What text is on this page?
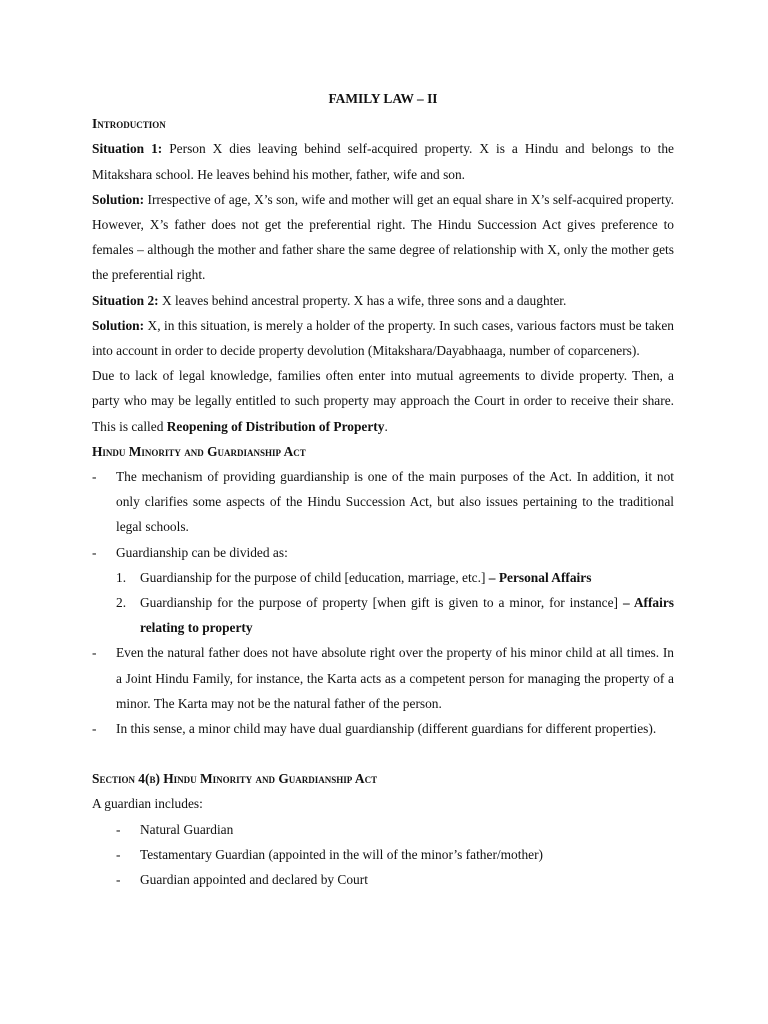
FAMILY LAW – II

Introduction

Situation 1: Person X dies leaving behind self-acquired property. X is a Hindu and belongs to the Mitakshara school. He leaves behind his mother, father, wife and son.

Solution: Irrespective of age, X’s son, wife and mother will get an equal share in X’s self-acquired property. However, X’s father does not get the preferential right. The Hindu Succession Act gives preference to females – although the mother and father share the same degree of relationship with X, only the mother gets the preferential right.

Situation 2: X leaves behind ancestral property. X has a wife, three sons and a daughter.

Solution: X, in this situation, is merely a holder of the property. In such cases, various factors must be taken into account in order to decide property devolution (Mitakshara/Dayabhaaga, number of coparceners).

Due to lack of legal knowledge, families often enter into mutual agreements to divide property. Then, a party who may be legally entitled to such property may approach the Court in order to receive their share. This is called Reopening of Distribution of Property.

Hindu Minority and Guardianship Act

- The mechanism of providing guardianship is one of the main purposes of the Act. In addition, it not only clarifies some aspects of the Hindu Succession Act, but also issues pertaining to the traditional legal schools.
- Guardianship can be divided as:
1. Guardianship for the purpose of child [education, marriage, etc.] – Personal Affairs
2. Guardianship for the purpose of property [when gift is given to a minor, for instance] – Affairs relating to property
- Even the natural father does not have absolute right over the property of his minor child at all times. In a Joint Hindu Family, for instance, the Karta acts as a competent person for managing the property of a minor. The Karta may not be the natural father of the person.
- In this sense, a minor child may have dual guardianship (different guardians for different properties).

Section 4(b) Hindu Minority and Guardianship Act

A guardian includes:

- Natural Guardian
- Testamentary Guardian (appointed in the will of the minor’s father/mother)
- Guardian appointed and declared by Court
